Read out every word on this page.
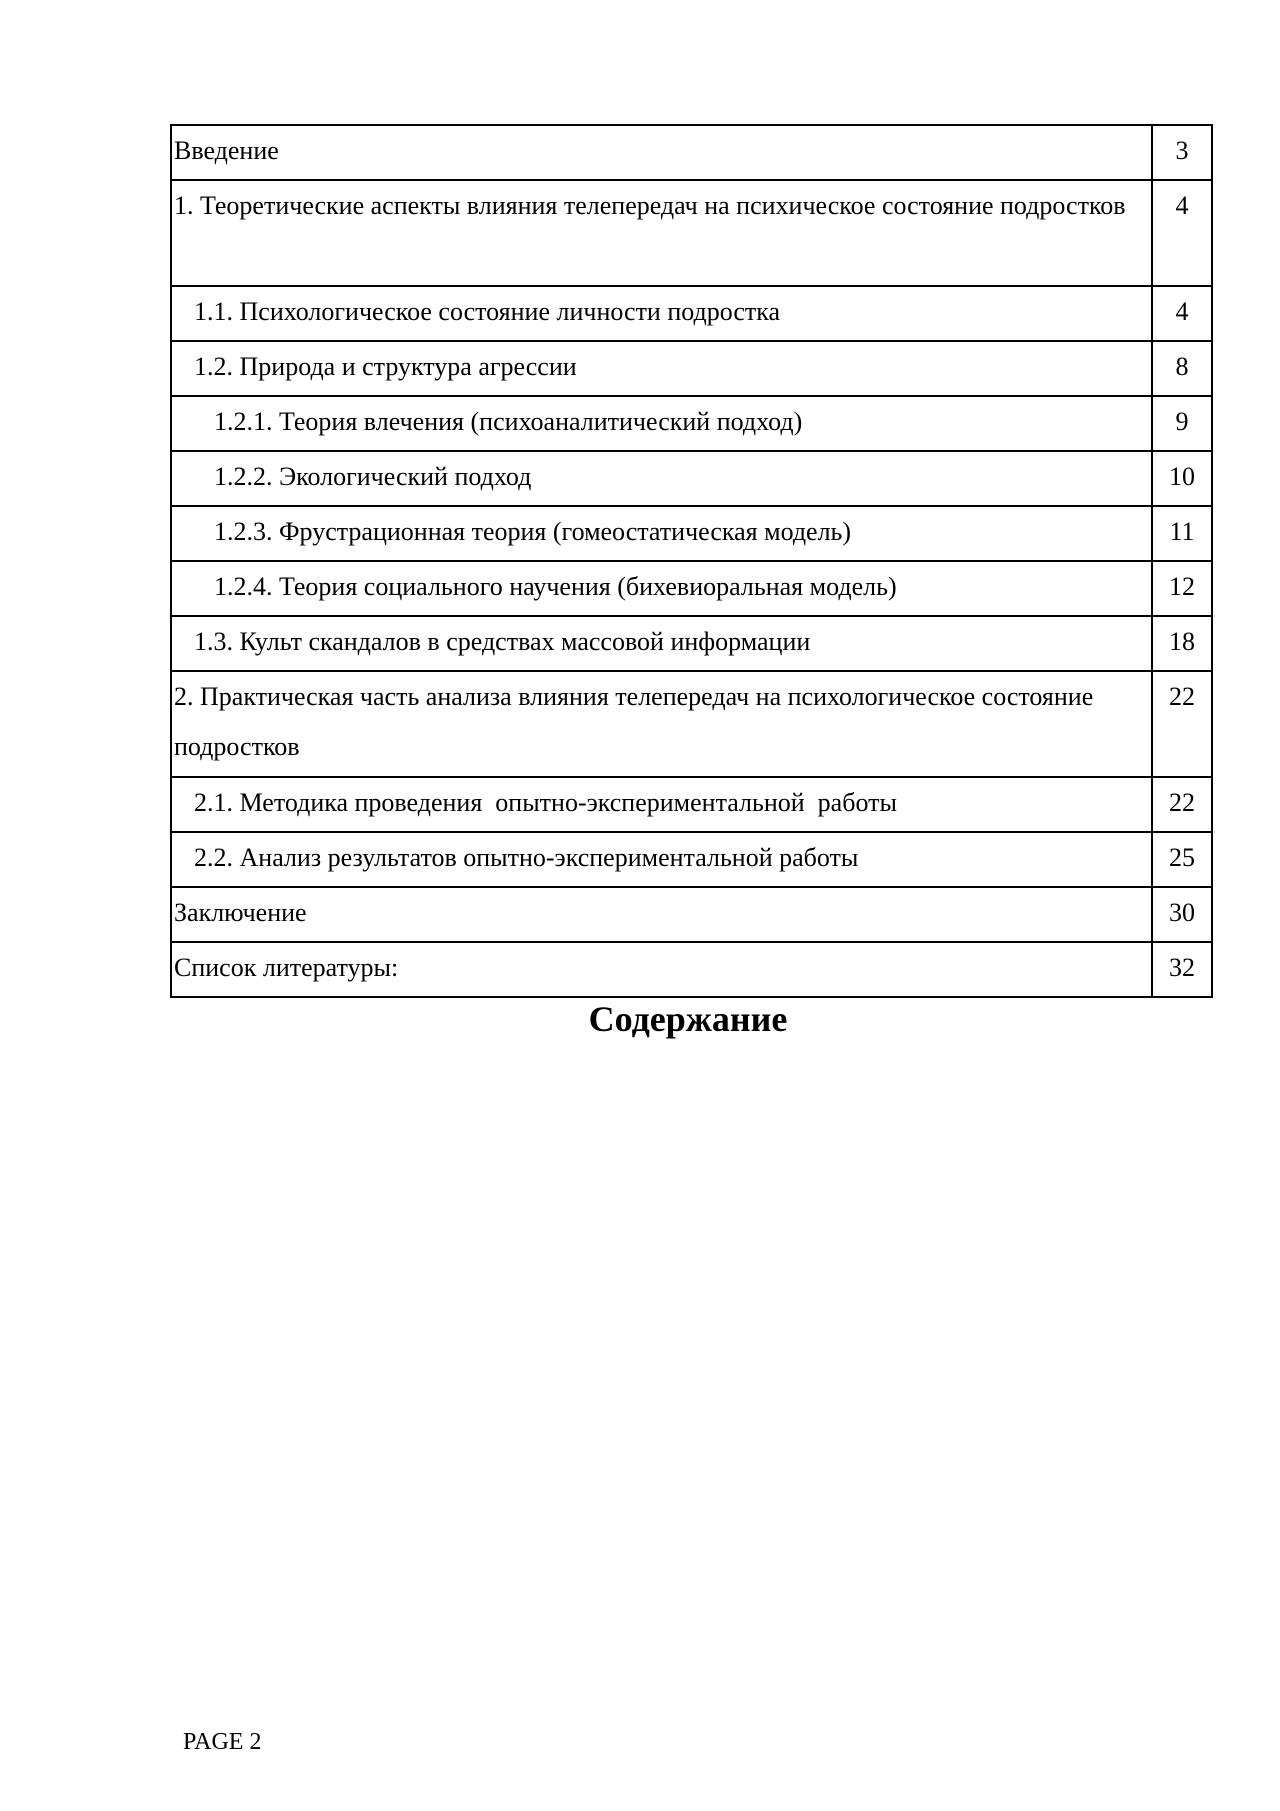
Введение	3

1. Теоретические аспекты влияния телепередач на психическое состояние подростков	4

1.1. Психологическое состояние личности подростка	4

1.2. Природа и структура агрессии	8

1.2.1. Теория влечения (психоаналитический подход)	9

1.2.2. Экологический подход	10

1.2.3. Фрустрационная теория (гомеостатическая модель)	11

1.2.4. Теория социального научения (бихевиоральная модель)	12

1.3. Культ скандалов в средствах массовой информации	18

2. Практическая часть анализа влияния телепередач на психологическое состояние подростков	22

2.1. Методика проведения  опытно-экспериментальной  работы	22

2.2. Анализ результатов опытно-экспериментальной работы	25

Заключение	30

Список литературы:	32
Содержание
PAGE 2
